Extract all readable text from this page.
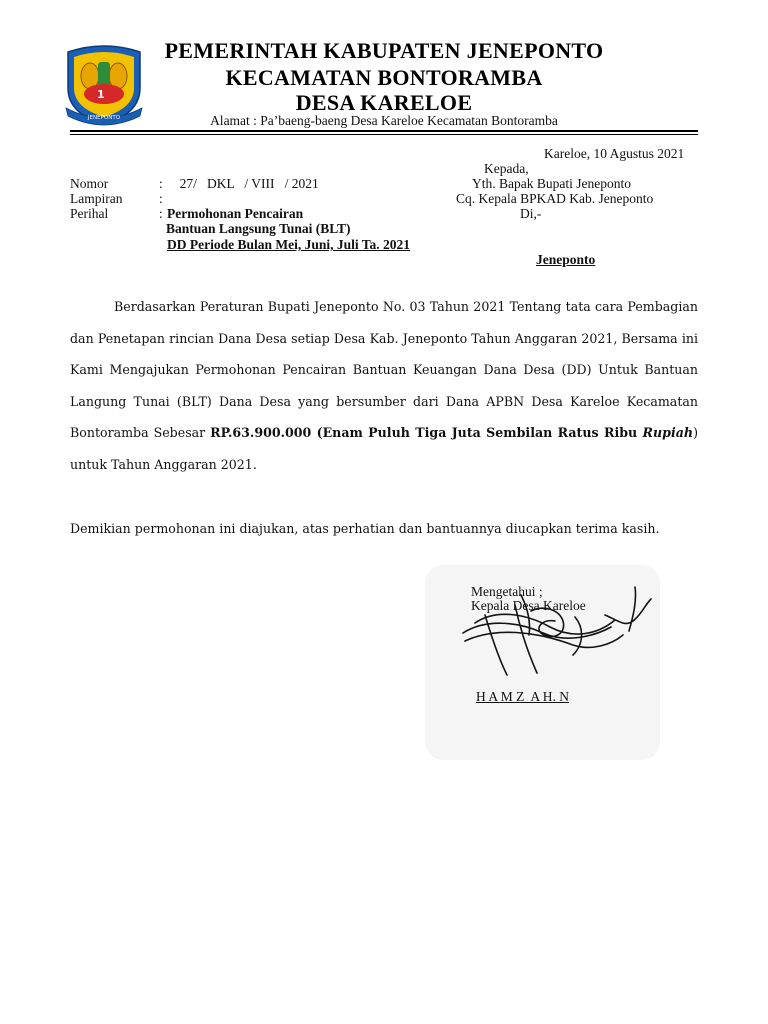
1
JENEPONTO
PEMERINTAH KABUPATEN JENEPONTO
KECAMATAN BONTORAMBA
DESA KARELOE
Alamat : Pa’baeng-baeng Desa Kareloe Kecamatan Bontoramba
Kareloe, 10 Agustus 2021
Kepada,
Yth. Bapak Bupati Jeneponto
Cq. Kepala BPKAD Kab. Jeneponto
Di,-
Jeneponto
Nomor	:     27/   DKL   / VIII   / 2021
Lampiran	:
Perihal	: Permohonan Pencairan
Bantuan Langsung Tunai (BLT)
DD Periode Bulan Mei, Juni, Juli Ta. 2021
Berdasarkan Peraturan Bupati Jeneponto No. 03 Tahun 2021 Tentang tata cara Pembagian dan Penetapan rincian Dana Desa setiap Desa Kab. Jeneponto Tahun Anggaran 2021, Bersama ini Kami Mengajukan Permohonan Pencairan Bantuan Keuangan Dana Desa (DD) Untuk Bantuan Langung Tunai (BLT) Dana Desa yang bersumber dari Dana APBN Desa Kareloe Kecamatan Bontoramba Sebesar RP.63.900.000 (Enam Puluh Tiga Juta Sembilan Ratus Ribu Rupiah) untuk Tahun Anggaran 2021.
Demikian permohonan ini diajukan, atas perhatian dan bantuannya diucapkan terima kasih.
Mengetahui ;
Kepala Desa Kareloe
H A M Z  A H. N
